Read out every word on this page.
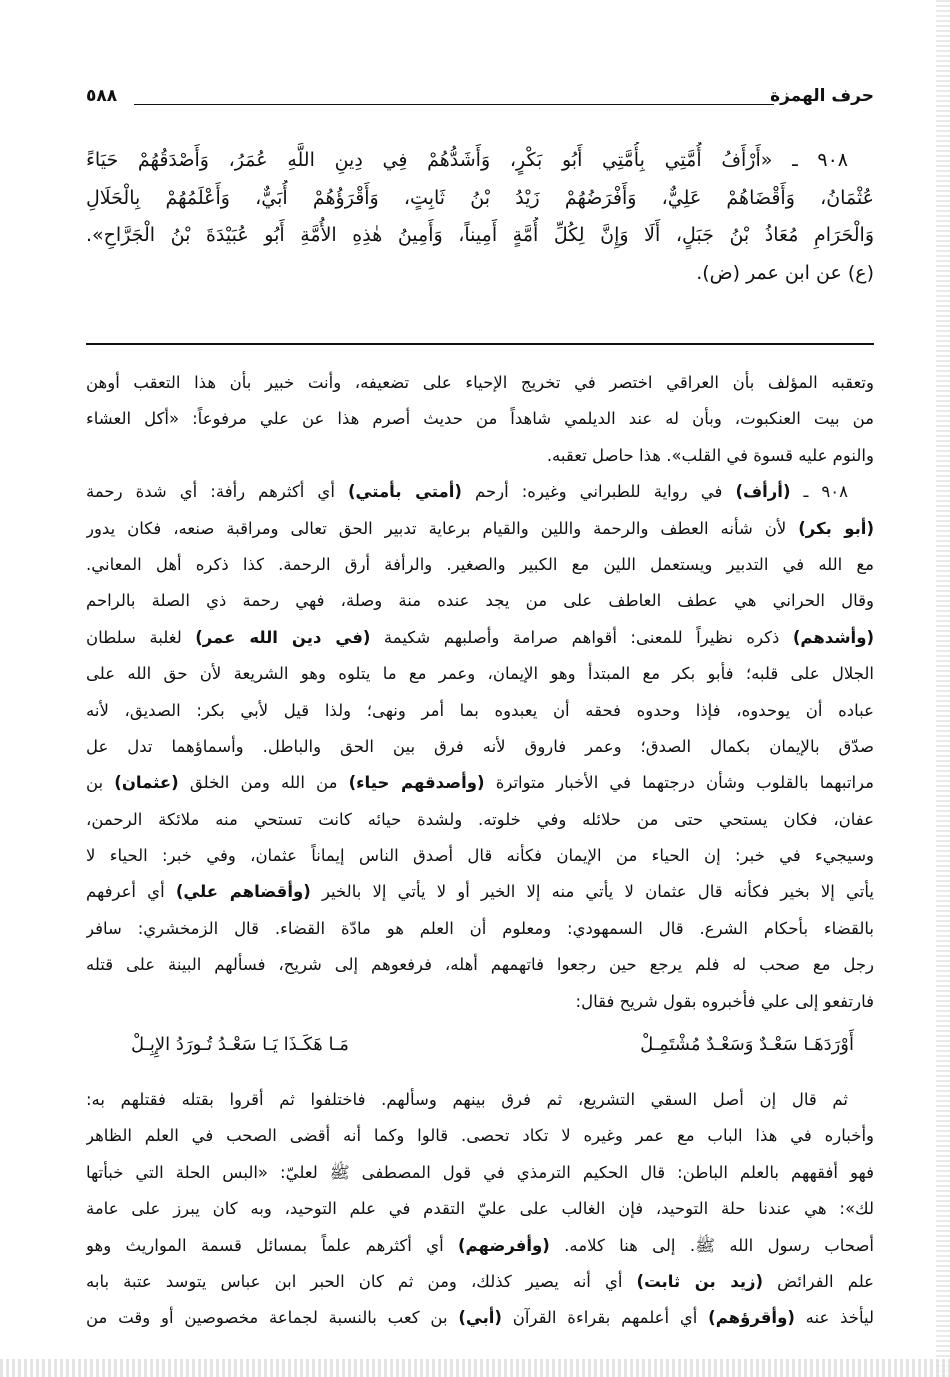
حرف الهمزة
٥٨٨
٩٠٨ ـ «أَرْأَفُ أُمَّتِي بِأُمَّتِي أَبُو بَكْرٍ، وَأَشَدُّهُمْ فِي دِينِ اللَّهِ عُمَرُ، وَأَصْدَقُهُمْ حَيَاءً
عُثْمَانُ، وَأَقْضَاهُمْ عَلِيٌّ، وَأَفْرَضُهُمْ زَيْدُ بْنُ ثَابِتٍ، وَأَقْرَؤُهُمْ أُبَيٌّ، وَأَعْلَمُهُمْ بِالْحَلَالِ
وَالْحَرَامِ مُعَاذُ بْنُ جَبَلٍ، أَلَا وَإِنَّ لِكُلِّ أُمَّةٍ أَمِيناً، وَأَمِينُ هٰذِهِ الأُمَّةِ أَبُو عُبَيْدَةَ بْنُ الْجَرَّاحِ».
(ع) عن ابن عمر (ض).
وتعقبه المؤلف بأن العراقي اختصر في تخريج الإحياء على تضعيفه، وأنت خبير بأن هذا التعقب أوهن
من بيت العنكبوت، وبأن له عند الديلمي شاهداً من حديث أصرم هذا عن علي مرفوعاً: «أكل العشاء
والنوم عليه قسوة في القلب». هذا حاصل تعقبه.
٩٠٨ ـ (أرأف) في رواية للطبراني وغيره: أرحم (أمتي بأمتي) أي أكثرهم رأفة: أي شدة رحمة
(أبو بكر) لأن شأنه العطف والرحمة واللين والقيام برعاية تدبير الحق تعالى ومراقبة صنعه، فكان يدور
مع الله في التدبير ويستعمل اللين مع الكبير والصغير. والرأفة أرق الرحمة. كذا ذكره أهل المعاني.
وقال الحراني هي عطف العاطف على من يجد عنده منة وصلة، فهي رحمة ذي الصلة بالراحم
(وأشدهم) ذكره نظيراً للمعنى: أقواهم صرامة وأصلبهم شكيمة (في دين الله عمر) لغلبة سلطان
الجلال على قلبه؛ فأبو بكر مع المبتدأ وهو الإيمان، وعمر مع ما يتلوه وهو الشريعة لأن حق الله على
عباده أن يوحدوه، فإذا وحدوه فحقه أن يعبدوه بما أمر ونهى؛ ولذا قيل لأبي بكر: الصديق، لأنه
صدّق بالإيمان بكمال الصدق؛ وعمر فاروق لأنه فرق بين الحق والباطل. وأسماؤهما تدل عل
مراتبهما بالقلوب وشأن درجتهما في الأخبار متواترة (وأصدقهم حياء) من الله ومن الخلق (عثمان) بن
عفان، فكان يستحي حتى من حلائله وفي خلوته. ولشدة حيائه كانت تستحي منه ملائكة الرحمن،
وسيجيء في خبر: إن الحياء من الإيمان فكأنه قال أصدق الناس إيماناً عثمان، وفي خبر: الحياء لا
يأتي إلا بخير فكأنه قال عثمان لا يأتي منه إلا الخير أو لا يأتي إلا بالخير (وأقضاهم علي) أي أعرفهم
بالقضاء بأحكام الشرع. قال السمهودي: ومعلوم أن العلم هو مادّة القضاء. قال الزمخشري: سافر
رجل مع صحب له فلم يرجع حين رجعوا فاتهمهم أهله، فرفعوهم إلى شريح، فسألهم البينة على قتله
فارتفعو إلى علي فأخبروه بقول شريح فقال:
أَوْرَدَهَـا سَعْـدٌ وَسَعْـدٌ مُشْتَمِـلْ
مَـا هَكَـذَا يَـا سَعْـدُ تُـورَدُ الإِبِـلْ
ثم قال إن أصل السقي التشريع، ثم فرق بينهم وسألهم. فاختلفوا ثم أقروا بقتله فقتلهم به:
وأخباره في هذا الباب مع عمر وغيره لا تكاد تحصى. قالوا وكما أنه أقضى الصحب في العلم الظاهر
فهو أفقههم بالعلم الباطن: قال الحكيم الترمذي في قول المصطفى ﷺ لعليّ: «البس الحلة التي خبأتها
لك»: هي عندنا حلة التوحيد، فإن الغالب على عليّ التقدم في علم التوحيد، وبه كان يبرز على عامة
أصحاب رسول الله ﷺ. إلى هنا كلامه. (وأفرضهم) أي أكثرهم علماً بمسائل قسمة المواريث وهو
علم الفرائض (زيد بن ثابت) أي أنه يصير كذلك، ومن ثم كان الحبر ابن عباس يتوسد عتبة بابه
ليأخذ عنه (وأقرؤهم) أي أعلمهم بقراءة القرآن (أبي) بن كعب بالنسبة لجماعة مخصوصين أو وقت من
